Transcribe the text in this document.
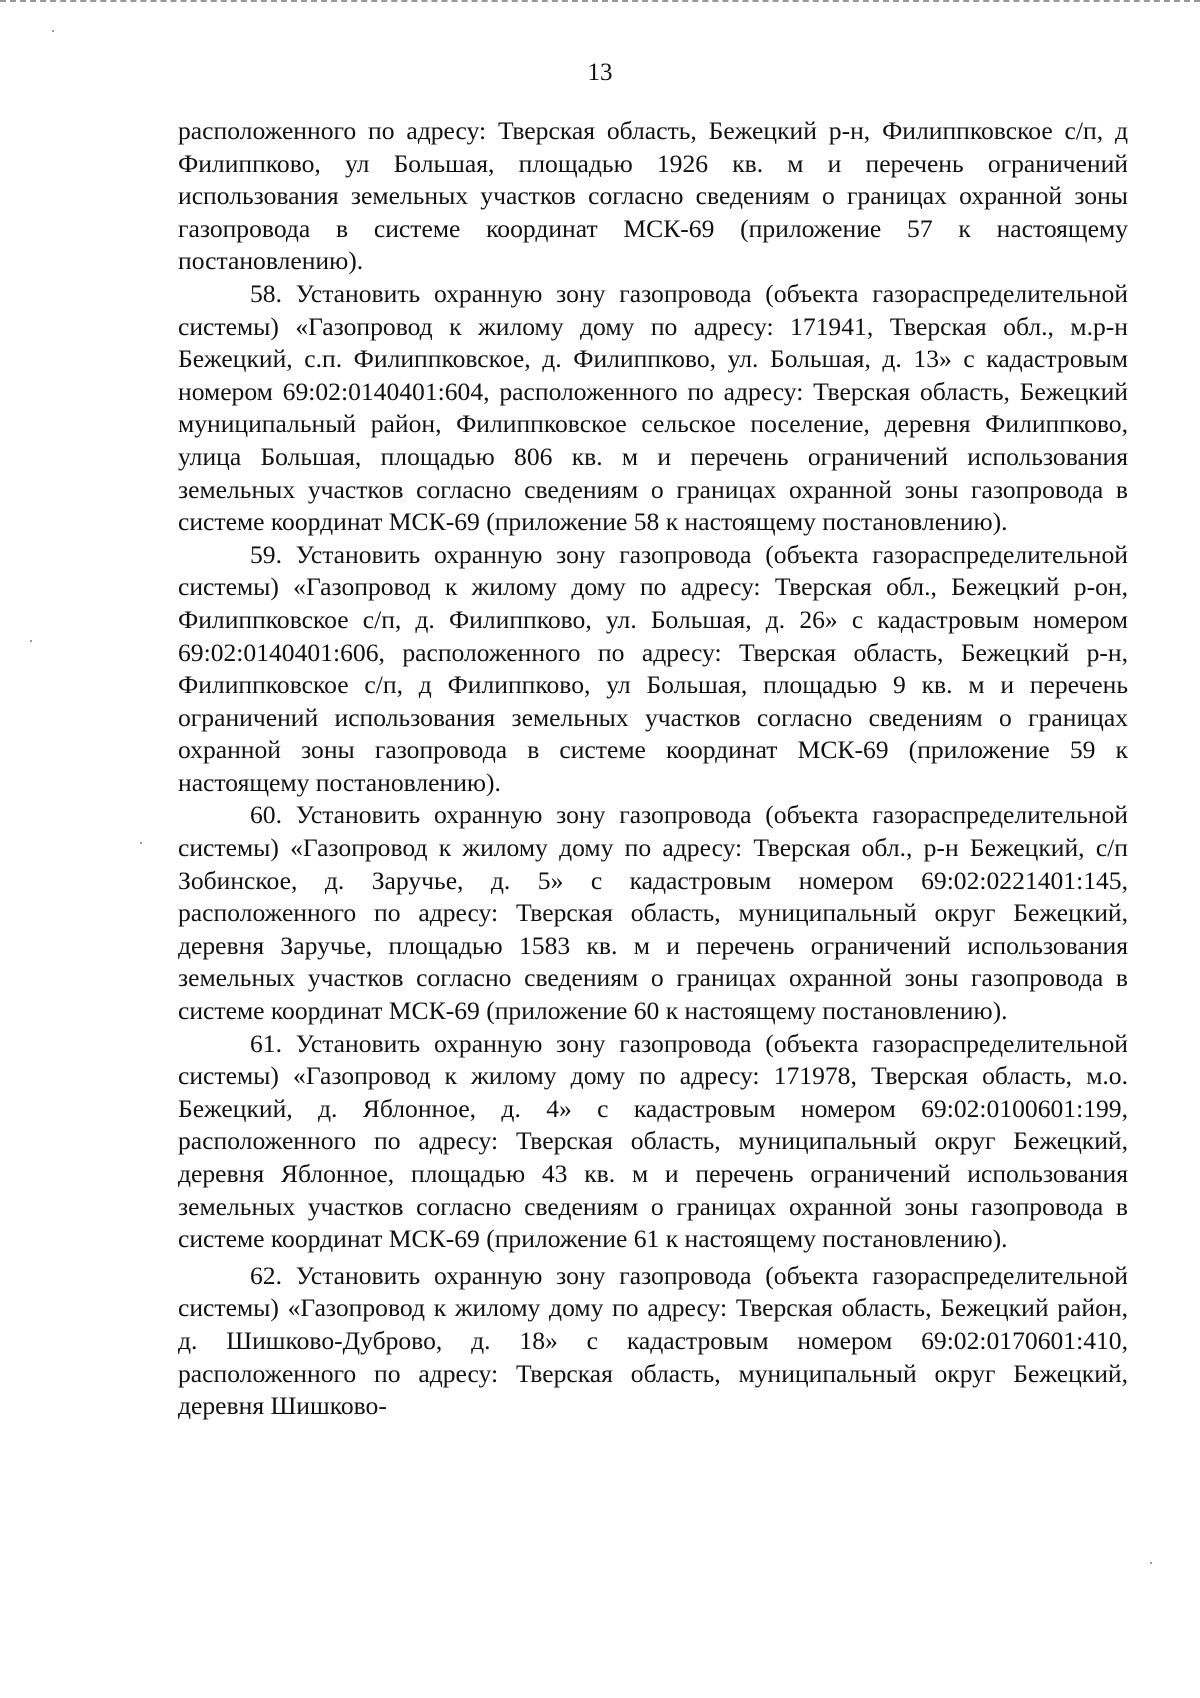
13

расположенного по адресу: Тверская область, Бежецкий р-н, Филиппковское с/п, д Филиппково, ул Большая, площадью 1926 кв. м и перечень ограничений использования земельных участков согласно сведениям о границах охранной зоны газопровода в системе координат МСК-69 (приложение 57 к настоящему постановлению).

58. Установить охранную зону газопровода (объекта газораспределительной системы) «Газопровод к жилому дому по адресу: 171941, Тверская обл., м.р-н Бежецкий, с.п. Филиппковское, д. Филиппково, ул. Большая, д. 13» с кадастровым номером 69:02:0140401:604, расположенного по адресу: Тверская область, Бежецкий муниципальный район, Филиппковское сельское поселение, деревня Филиппково, улица Большая, площадью 806 кв. м и перечень ограничений использования земельных участков согласно сведениям о границах охранной зоны газопровода в системе координат МСК-69 (приложение 58 к настоящему постановлению).

59. Установить охранную зону газопровода (объекта газораспределительной системы) «Газопровод к жилому дому по адресу: Тверская обл., Бежецкий р-он, Филиппковское с/п, д. Филиппково, ул. Большая, д. 26» с кадастровым номером 69:02:0140401:606, расположенного по адресу: Тверская область, Бежецкий р-н, Филиппковское с/п, д Филиппково, ул Большая, площадью 9 кв. м и перечень ограничений использования земельных участков согласно сведениям о границах охранной зоны газопровода в системе координат МСК-69 (приложение 59 к настоящему постановлению).

60. Установить охранную зону газопровода (объекта газораспределительной системы) «Газопровод к жилому дому по адресу: Тверская обл., р-н Бежецкий, с/п Зобинское, д. Заручье, д. 5» с кадастровым номером 69:02:0221401:145, расположенного по адресу: Тверская область, муниципальный округ Бежецкий, деревня Заручье, площадью 1583 кв. м и перечень ограничений использования земельных участков согласно сведениям о границах охранной зоны газопровода в системе координат МСК-69 (приложение 60 к настоящему постановлению).

61. Установить охранную зону газопровода (объекта газораспределительной системы) «Газопровод к жилому дому по адресу: 171978, Тверская область, м.о. Бежецкий, д. Яблонное, д. 4» с кадастровым номером 69:02:0100601:199, расположенного по адресу: Тверская область, муниципальный округ Бежецкий, деревня Яблонное, площадью 43 кв. м и перечень ограничений использования земельных участков согласно сведениям о границах охранной зоны газопровода в системе координат МСК-69 (приложение 61 к настоящему постановлению).

62. Установить охранную зону газопровода (объекта газораспределительной системы) «Газопровод к жилому дому по адресу: Тверская область, Бежецкий район, д. Шишково-Дуброво, д. 18» с кадастровым номером 69:02:0170601:410, расположенного по адресу: Тверская область, муниципальный округ Бежецкий, деревня Шишково-
